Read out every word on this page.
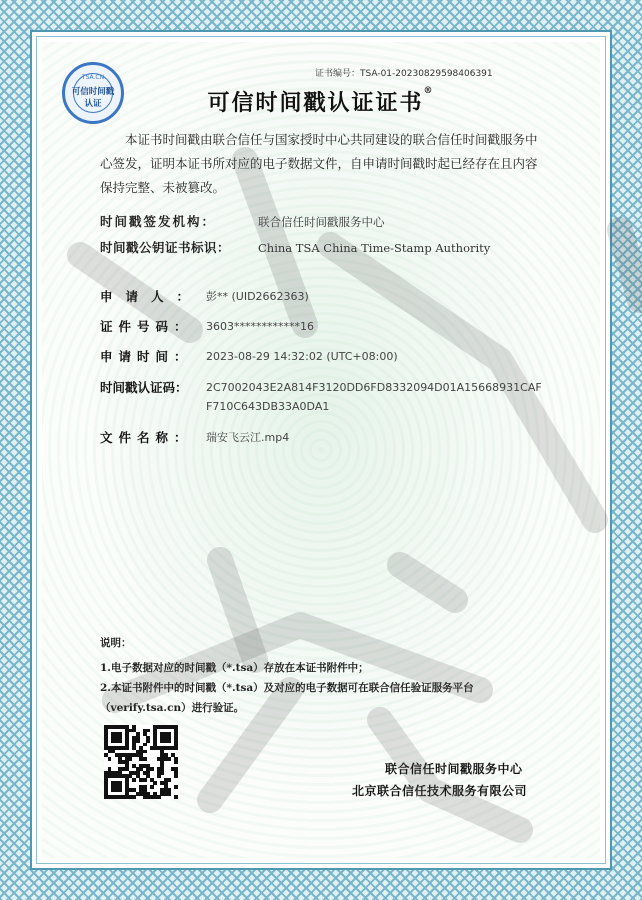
TSA.CN
可信时间戳
认证
证书编号：TSA-01-20230829598406391
可信时间戳认证证书®
本证书时间戳由联合信任与国家授时中心共同建设的联合信任时间戳服务中心签发，证明本证书所对应的电子数据文件，自申请时间戳时起已经存在且内容保持完整、未被篡改。
时间戳签发机构：	联合信任时间戳服务中心
时间戳公钥证书标识： China TSA China Time-Stamp Authority
申请人： 彭** (UID2662363)
证件号码： 3603************16
申请时间： 2023-08-29 14:32:02 (UTC+08:00)
时间戳认证码： 2C7002043E2A814F3120DD6FD8332094D01A15668931CAFF710C643DB33A0DA1
文件名称： 瑞安飞云江.mp4
说明：
1.电子数据对应的时间戳（*.tsa）存放在本证书附件中；
2.本证书附件中的时间戳（*.tsa）及对应的电子数据可在联合信任验证服务平台（verify.tsa.cn）进行验证。
联合信任时间戳服务中心
北京联合信任技术服务有限公司
